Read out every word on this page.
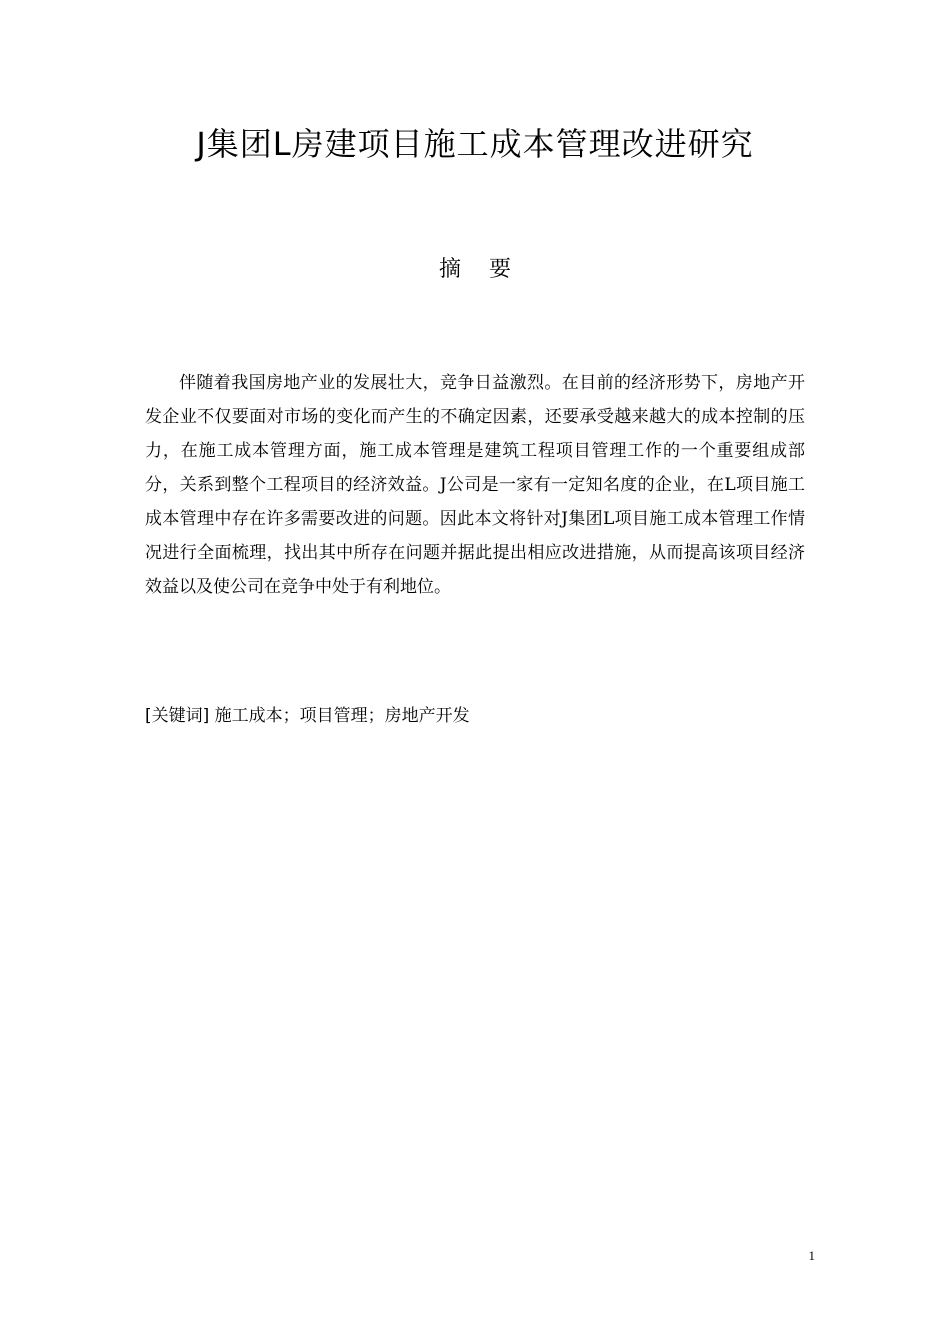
J集团L房建项目施工成本管理改进研究
摘    要

伴随着我国房地产业的发展壮大，竞争日益激烈。在目前的经济形势下，房地产开发企业不仅要面对市场的变化而产生的不确定因素，还要承受越来越大的成本控制的压力，在施工成本管理方面，施工成本管理是建筑工程项目管理工作的一个重要组成部分，关系到整个工程项目的经济效益。J公司是一家有一定知名度的企业，在L项目施工成本管理中存在许多需要改进的问题。因此本文将针对J集团L项目施工成本管理工作情况进行全面梳理，找出其中所存在问题并据此提出相应改进措施，从而提高该项目经济效益以及使公司在竞争中处于有利地位。

[关键词] 施工成本；项目管理；房地产开发
1
